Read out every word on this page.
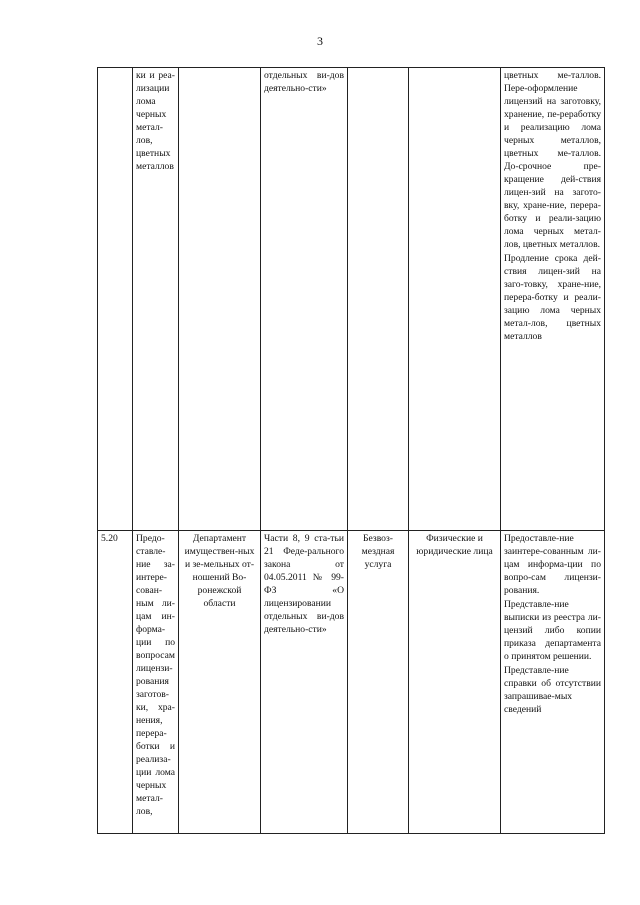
3
	ки и реа-лизации лома черных метал-лов, цветных металлов		отдельных ви-дов деятельно-сти»			цветных ме-таллов. Пере-оформление лицензий на заготовку, хранение, пе-реработку и реализацию лома черных металлов, цветных ме-таллов. До-срочное пре-кращение дей-ствия лицен-зий на загото-вку, хране-ние, перера-ботку и реали-зацию лома черных метал-лов, цветных металлов.
Продление срока дей-ствия лицен-зий на заго-товку, хране-ние, перера-ботку и реали-зацию лома черных метал-лов, цветных металлов

5.20	Предо-ставле-ние за-интере-сован-ным ли-цам ин-форма-ции по вопросам лицензи-рования заготов-ки, хра-нения, перера-ботки и реализа-ции лома черных метал-лов,	Департамент имуществен-ных и зе-мельных от-ношений Во-ронежской области	Части 8, 9 ста-тьи 21 Феде-рального закона от 04.05.2011 № 99-ФЗ «О лицензировании отдельных ви-дов деятельно-сти»	Безвоз-мездная услуга	Физические и юридические лица	Предоставле-ние заинтере-сованным ли-цам информа-ции по вопро-сам лицензи-рования.
Представле-ние выписки из реестра ли-цензий либо копии приказа департамента о принятом решении.
Представле-ние справки об отсутствии запрашивае-мых сведений
